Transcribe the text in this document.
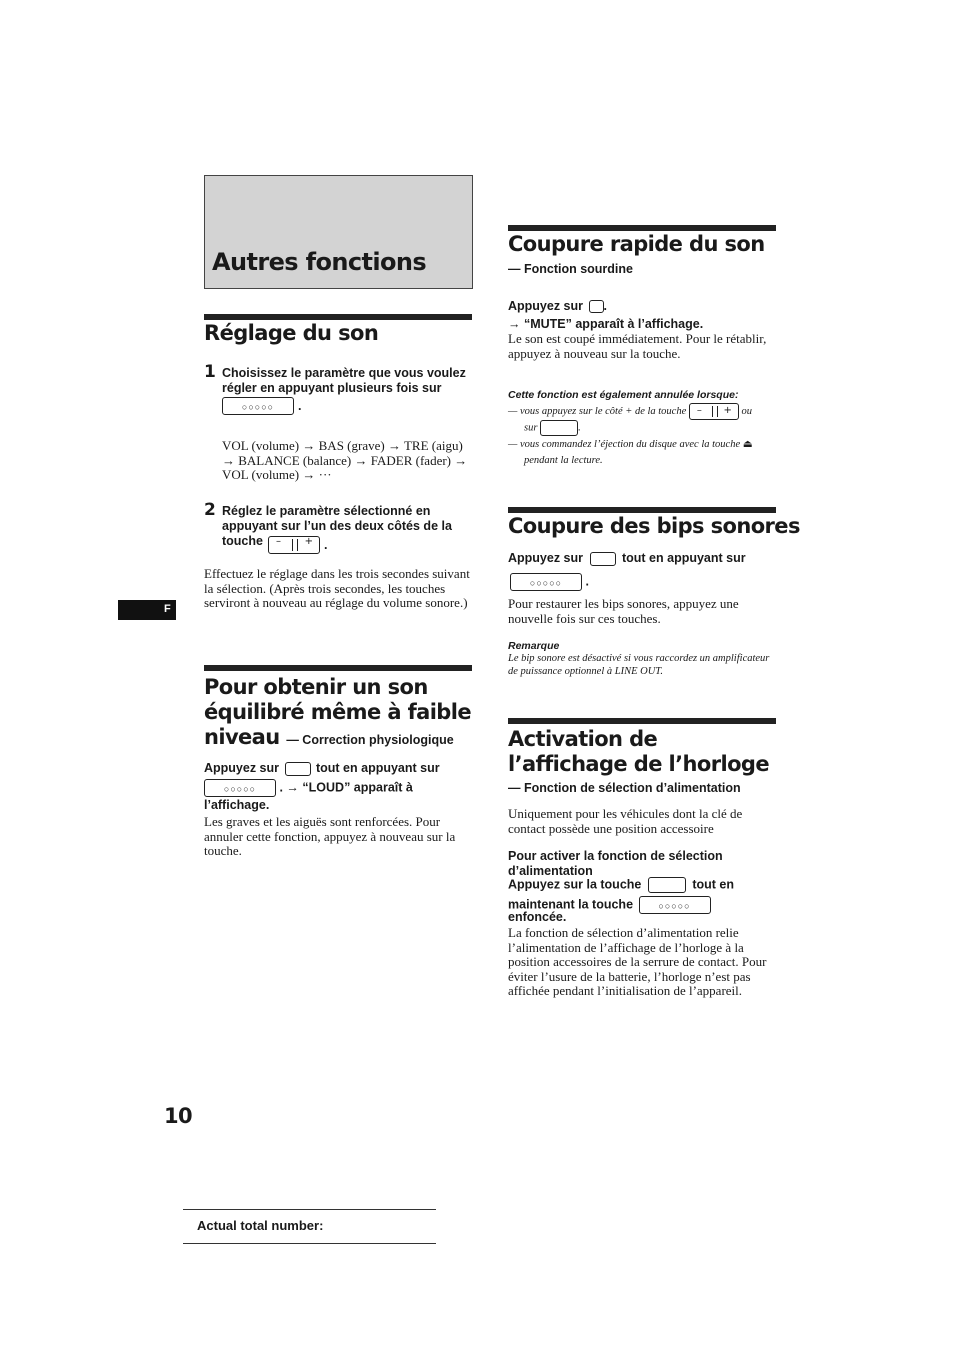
Autres fonctions
F
Réglage du son
1 Choisissez le paramètre que vous voulez régler en appuyant plusieurs fois sur
○○○○○	.
VOL (volume) → BAS (grave) → TRE (aigu) → BALANCE (balance) → FADER (fader) → VOL (volume) → ···
2 Réglez le paramètre sélectionné en appuyant sur l’un des deux côtés de la touche	– + .
Effectuez le réglage dans les trois secondes suivant la sélection. (Après trois secondes, les touches serviront à nouveau au réglage du volume sonore.)
Pour obtenir un son équilibré même à faible niveau — Correction physiologique
Appuyez sur	tout en appuyant sur
○○○○○	. → “LOUD” apparaît à
l’affichage.
Les graves et les aiguës sont renforcées. Pour annuler cette fonction, appuyez à nouveau sur la touche.
Coupure rapide du son
— Fonction sourdine
Appuyez sur .
→ “MUTE” apparaît à l’affichage.
Le son est coupé immédiatement. Pour le rétablir, appuyez à nouveau sur la touche.
Cette fonction est également annulée lorsque:
— vous appuyez sur le côté + de la touche – + ou
sur	.
— vous commandez l’éjection du disque avec la touche ⏏
pendant la lecture.
Coupure des bips sonores
Appuyez sur	tout en appuyant sur
○○○○○	.
Pour restaurer les bips sonores, appuyez une nouvelle fois sur ces touches.
Remarque
Le bip sonore est désactivé si vous raccordez un amplificateur de puissance optionnel à LINE OUT.
Activation de l’affichage de l’horloge
— Fonction de sélection d’alimentation
Uniquement pour les véhicules dont la clé de contact possède une position accessoire
Pour activer la fonction de sélection d’alimentation
Appuyez sur la touche	tout en
maintenant la touche	○○○○○
enfoncée.
La fonction de sélection d’alimentation relie l’alimentation de l’affichage de l’horloge à la position accessoires de la serrure de contact. Pour éviter l’usure de la batterie, l’horloge n’est pas affichée pendant l’initialisation de l’appareil.
10
Actual total number:
